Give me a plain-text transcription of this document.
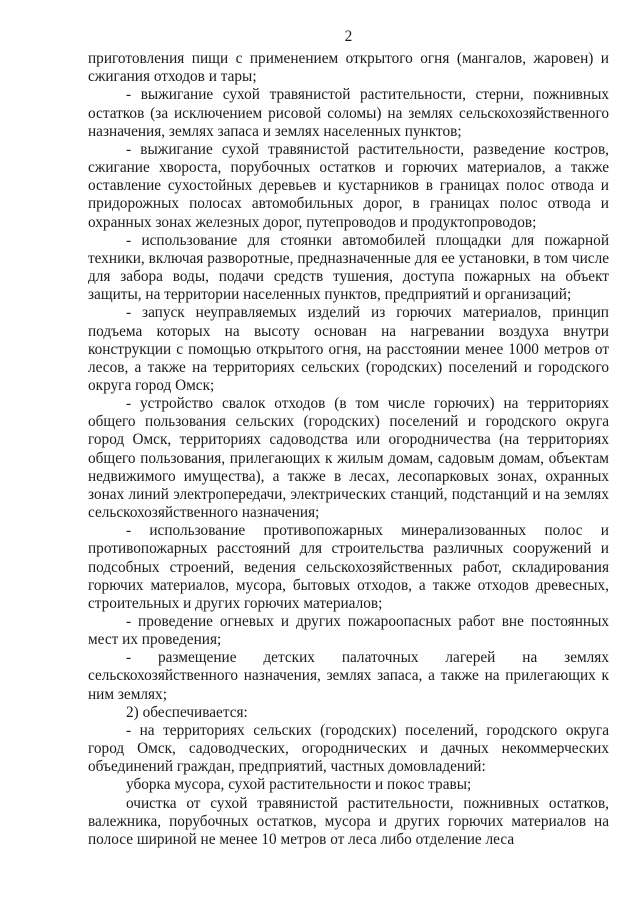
2

приготовления пищи с применением открытого огня (мангалов, жаровен) и сжигания отходов и тары;

- выжигание сухой травянистой растительности, стерни, пожнивных остатков (за исключением рисовой соломы) на землях сельскохозяйственного назначения, землях запаса и землях населенных пунктов;

- выжигание сухой травянистой растительности, разведение костров, сжигание хвороста, порубочных остатков и горючих материалов, а также оставление сухостойных деревьев и кустарников в границах полос отвода и придорожных полосах автомобильных дорог, в границах полос отвода и охранных зонах железных дорог, путепроводов и продуктопроводов;

- использование для стоянки автомобилей площадки для пожарной техники, включая разворотные, предназначенные для ее установки, в том числе для забора воды, подачи средств тушения, доступа пожарных на объект защиты, на территории населенных пунктов, предприятий и организаций;

- запуск неуправляемых изделий из горючих материалов, принцип подъема которых на высоту основан на нагревании воздуха внутри конструкции с помощью открытого огня, на расстоянии менее 1000 метров от лесов, а также на территориях сельских (городских) поселений и городского округа город Омск;

- устройство свалок отходов (в том числе горючих) на территориях общего пользования сельских (городских) поселений и городского округа город Омск, территориях садоводства или огородничества (на территориях общего пользования, прилегающих к жилым домам, садовым домам, объектам недвижимого имущества), а также в лесах, лесопарковых зонах, охранных зонах линий электропередачи, электрических станций, подстанций и на землях сельскохозяйственного назначения;

- использование противопожарных минерализованных полос и противопожарных расстояний для строительства различных сооружений и подсобных строений, ведения сельскохозяйственных работ, складирования горючих материалов, мусора, бытовых отходов, а также отходов древесных, строительных и других горючих материалов;

- проведение огневых и других пожароопасных работ вне постоянных мест их проведения;

- размещение детских палаточных лагерей на землях сельскохозяйственного назначения, землях запаса, а также на прилегающих к ним землях;

2) обеспечивается:

- на территориях сельских (городских) поселений, городского округа город Омск, садоводческих, огороднических и дачных некоммерческих объединений граждан, предприятий, частных домовладений:

уборка мусора, сухой растительности и покос травы;

очистка от сухой травянистой растительности, пожнивных остатков, валежника, порубочных остатков, мусора и других горючих материалов на полосе шириной не менее 10 метров от леса либо отделение леса
